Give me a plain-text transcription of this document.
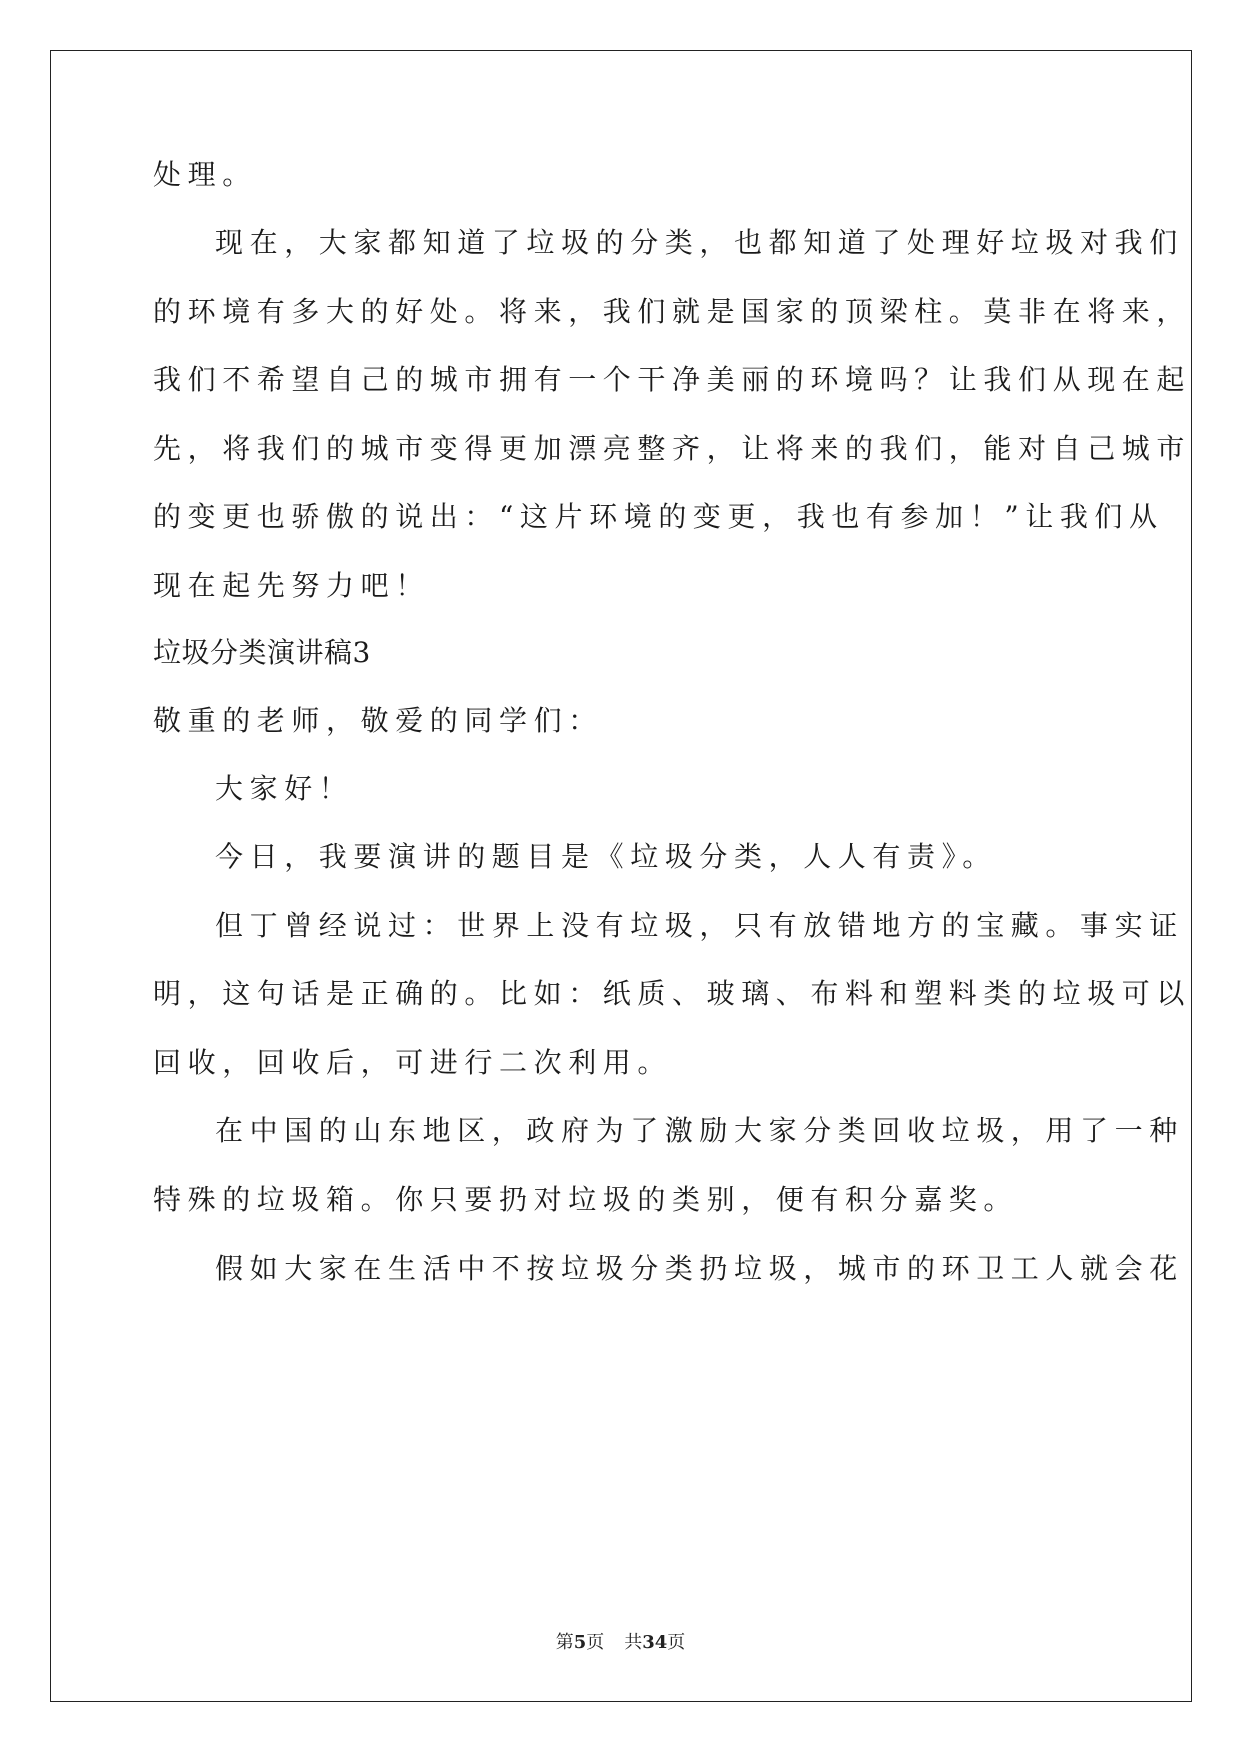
处理。
现在，大家都知道了垃圾的分类，也都知道了处理好垃圾对我们
的环境有多大的好处。将来，我们就是国家的顶梁柱。莫非在将来，
我们不希望自己的城市拥有一个干净美丽的环境吗？让我们从现在起
先，将我们的城市变得更加漂亮整齐，让将来的我们，能对自己城市
的变更也骄傲的说出：“这片环境的变更，我也有参加！”让我们从
现在起先努力吧！
垃圾分类演讲稿3
敬重的老师，敬爱的同学们：
大家好！
今日，我要演讲的题目是《垃圾分类，人人有责》。
但丁曾经说过：世界上没有垃圾，只有放错地方的宝藏。事实证
明，这句话是正确的。比如：纸质、玻璃、布料和塑料类的垃圾可以
回收，回收后，可进行二次利用。
在中国的山东地区，政府为了激励大家分类回收垃圾，用了一种
特殊的垃圾箱。你只要扔对垃圾的类别，便有积分嘉奖。
假如大家在生活中不按垃圾分类扔垃圾，城市的环卫工人就会花
第5页 共34页
